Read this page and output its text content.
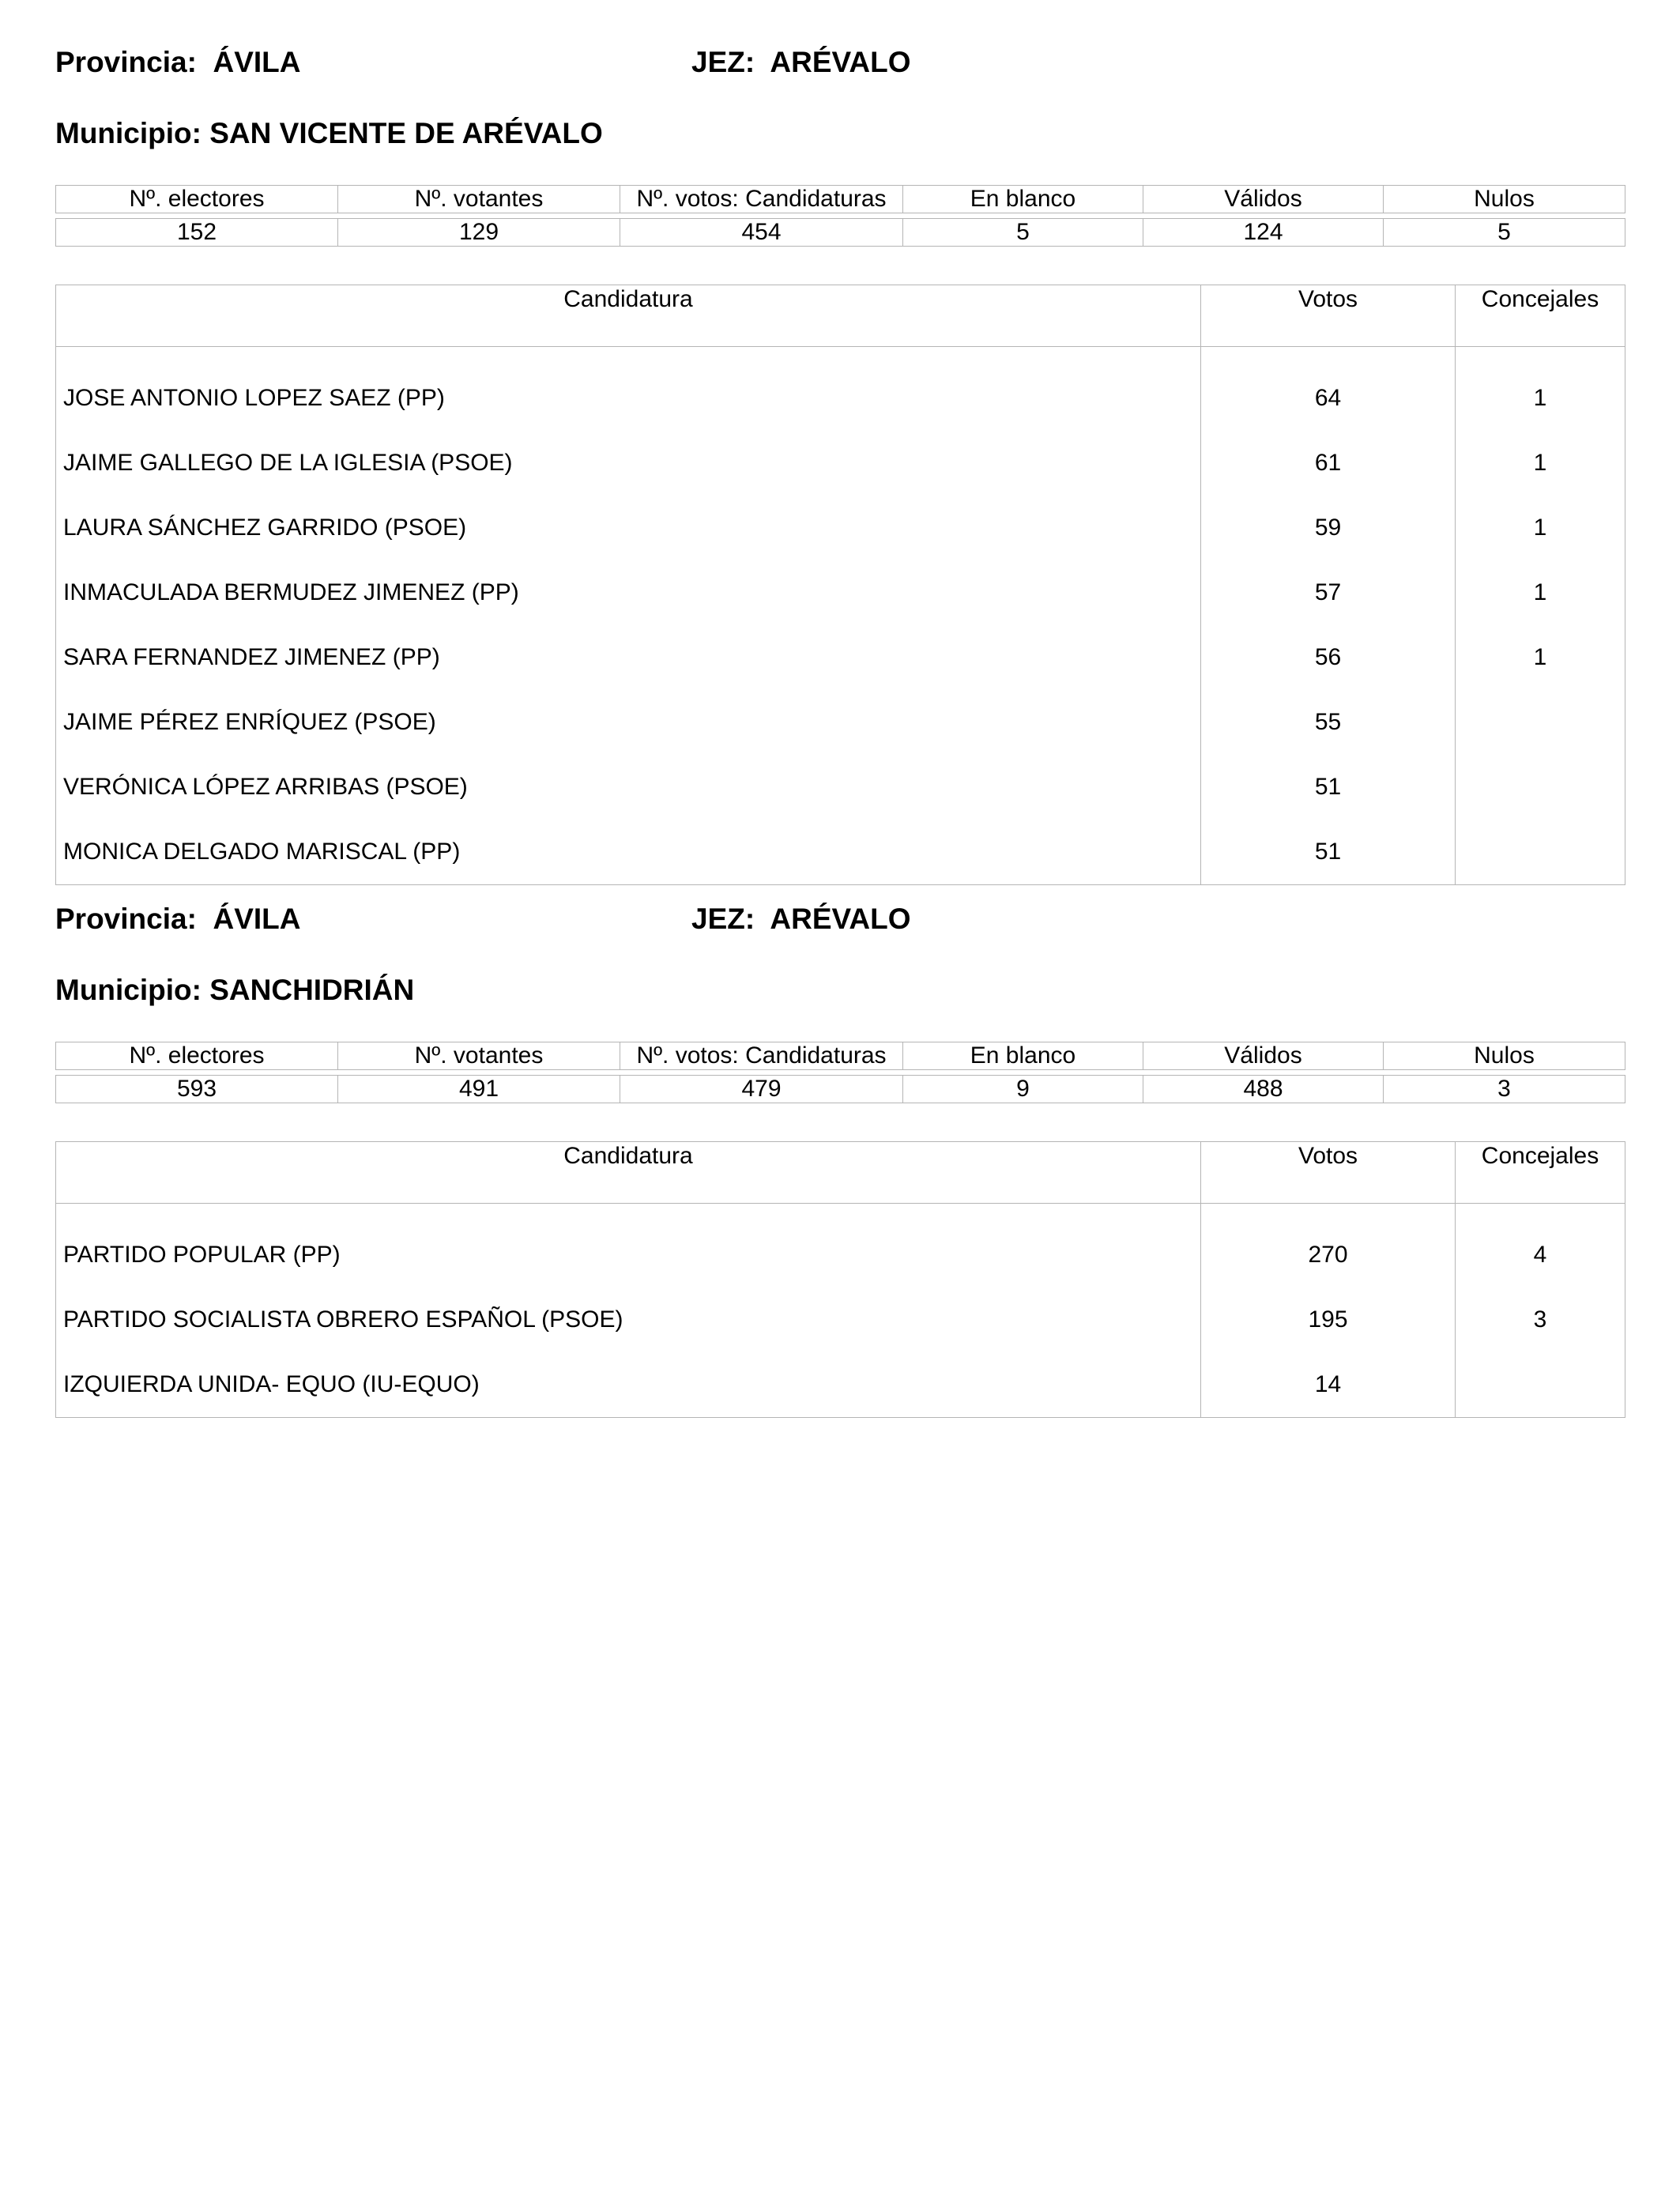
Provincia: ÁVILA	JEZ: ARÉVALO
Municipio: SAN VICENTE DE ARÉVALO
Nº. electores	Nº. votantes	Nº. votos: Candidaturas	En blanco	Válidos	Nulos

152	129	454	5	124	5
Candidatura	Votos	Concejales

JOSE ANTONIO LOPEZ SAEZ (PP)	64	1
JAIME GALLEGO DE LA IGLESIA (PSOE)	61	1
LAURA SÁNCHEZ GARRIDO (PSOE)	59	1
INMACULADA BERMUDEZ JIMENEZ (PP)	57	1
SARA FERNANDEZ JIMENEZ (PP)	56	1
JAIME PÉREZ ENRÍQUEZ (PSOE)	55	
VERÓNICA LÓPEZ ARRIBAS (PSOE)	51	
MONICA DELGADO MARISCAL (PP)	51	
Provincia: ÁVILA	JEZ: ARÉVALO
Municipio: SANCHIDRIÁN
Nº. electores	Nº. votantes	Nº. votos: Candidaturas	En blanco	Válidos	Nulos

593	491	479	9	488	3
Candidatura	Votos	Concejales

PARTIDO POPULAR (PP)	270	4
PARTIDO SOCIALISTA OBRERO ESPAÑOL (PSOE)	195	3
IZQUIERDA UNIDA- EQUO (IU-EQUO)	14	
